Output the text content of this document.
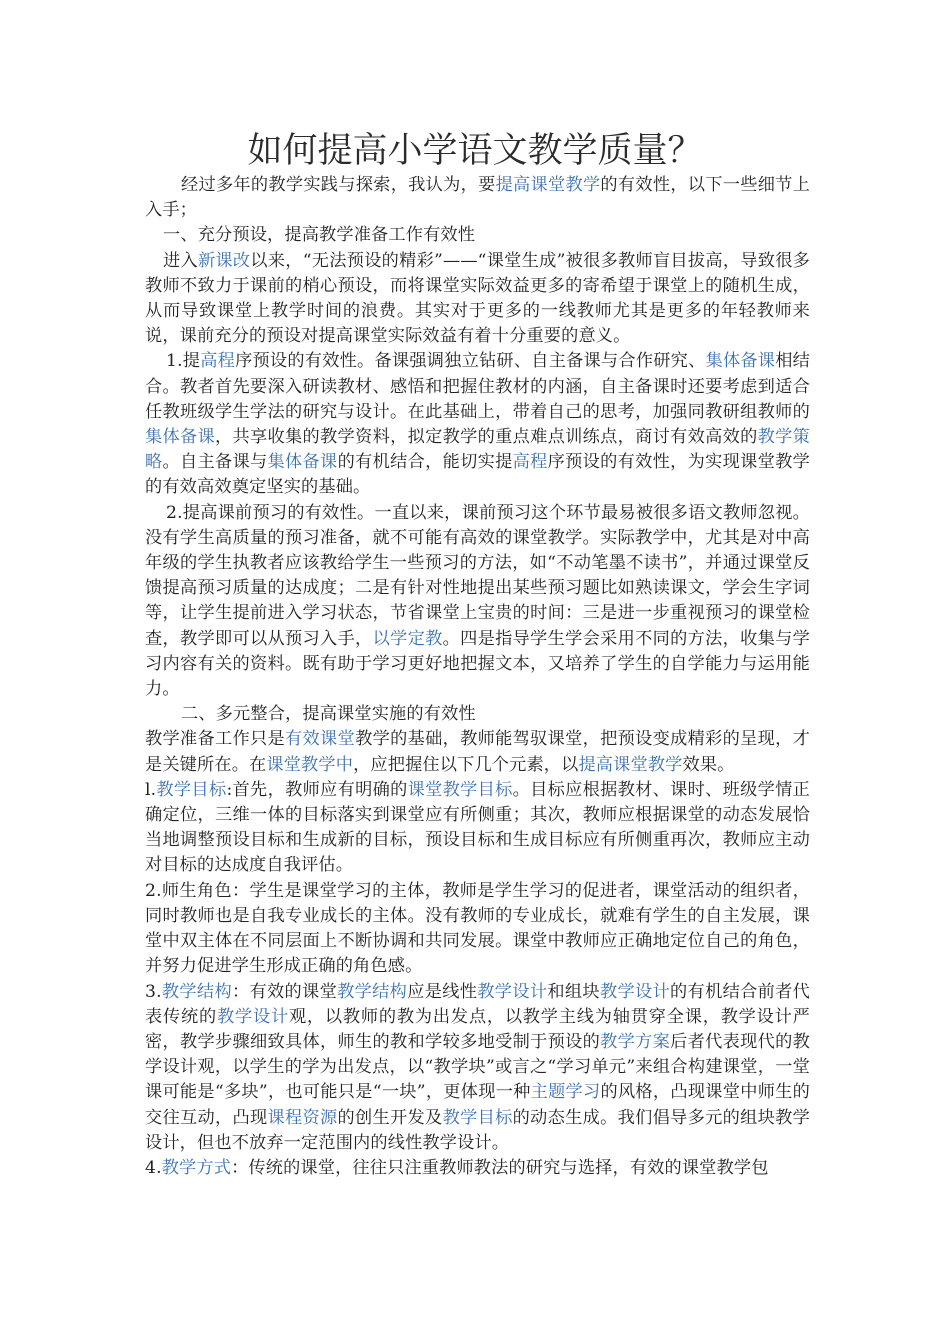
如何提高小学语文教学质量？

经过多年的教学实践与探索，我认为，要提高课堂教学的有效性，以下一些细节上入手；

一、充分预设，提高教学准备工作有效性

进入新课改以来，“无法预设的精彩”——“课堂生成”被很多教师盲目拔高，导致很多教师不致力于课前的梢心预设，而将课堂实际效益更多的寄希望于课堂上的随机生成，从而导致课堂上教学时间的浪费。其实对于更多的一线教师尤其是更多的年轻教师来说，课前充分的预设对提高课堂实际效益有着十分重要的意义。

1.提高程序预设的有效性。备课强调独立钻研、自主备课与合作研究、集体备课相结合。教者首先要深入研读教材、感悟和把握住教材的内涵，自主备课时还要考虑到适合任教班级学生学法的研究与设计。在此基础上，带着自己的思考，加强同教研组教师的集体备课，共享收集的教学资料，拟定教学的重点难点训练点，商讨有效高效的教学策略。自主备课与集体备课的有机结合，能切实提高程序预设的有效性，为实现课堂教学的有效高效奠定坚实的基础。

2.提高课前预习的有效性。一直以来，课前预习这个环节最易被很多语文教师忽视。没有学生高质量的预习准备，就不可能有高效的课堂教学。实际教学中，尤其是对中高年级的学生执教者应该教给学生一些预习的方法，如“不动笔墨不读书”，并通过课堂反馈提高预习质量的达成度；二是有针对性地提出某些预习题比如熟读课文，学会生字词等，让学生提前进入学习状态，节省课堂上宝贵的时间：三是进一步重视预习的课堂检查，教学即可以从预习入手，以学定教。四是指导学生学会采用不同的方法，收集与学习内容有关的资料。既有助于学习更好地把握文本，又培养了学生的自学能力与运用能力。

二、多元整合，提高课堂实施的有效性

教学准备工作只是有效课堂教学的基础，教师能驾驭课堂，把预设变成精彩的呈现，才是关键所在。在课堂教学中，应把握住以下几个元素，以提高课堂教学效果。

l.教学目标:首先，教师应有明确的课堂教学目标。目标应根据教材、课时、班级学情正确定位，三维一体的目标落实到课堂应有所侧重；其次，教师应根据课堂的动态发展恰当地调整预设目标和生成新的目标，预设目标和生成目标应有所侧重再次，教师应主动对目标的达成度自我评估。

2.师生角色：学生是课堂学习的主体，教师是学生学习的促进者，课堂活动的组织者，同时教师也是自我专业成长的主体。没有教师的专业成长，就难有学生的自主发展，课堂中双主体在不同层面上不断协调和共同发展。课堂中教师应正确地定位自己的角色，并努力促进学生形成正确的角色感。

3.教学结构：有效的课堂教学结构应是线性教学设计和组块教学设计的有机结合前者代表传统的教学设计观，以教师的教为出发点，以教学主线为轴贯穿全课，教学设计严密，教学步骤细致具体，师生的教和学较多地受制于预设的教学方案后者代表现代的教学设计观，以学生的学为出发点，以“教学块”或言之“学习单元”来组合构建课堂，一堂课可能是“多块”，也可能只是“一块”，更体现一种主题学习的风格，凸现课堂中师生的交往互动，凸现课程资源的创生开发及教学目标的动态生成。我们倡导多元的组块教学设计，但也不放弃一定范围内的线性教学设计。

4.教学方式：传统的课堂，往往只注重教师教法的研究与选择，有效的课堂教学包
